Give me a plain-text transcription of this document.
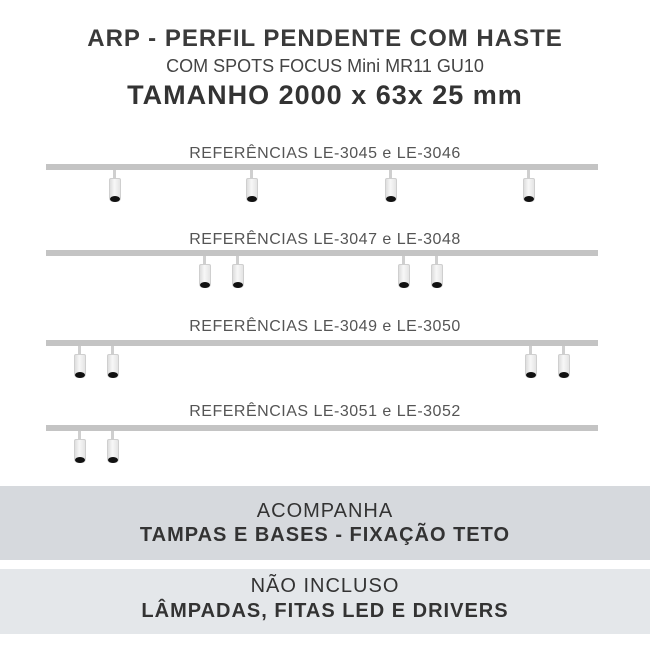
ARP - PERFIL PENDENTE COM HASTE
COM SPOTS FOCUS Mini MR11 GU10
TAMANHO 2000 x 63x 25 mm
REFERÊNCIAS LE-3045 e LE-3046
REFERÊNCIAS LE-3047 e LE-3048
REFERÊNCIAS LE-3049 e LE-3050
REFERÊNCIAS LE-3051 e LE-3052
ACOMPANHA
TAMPAS E BASES - FIXAÇÃO TETO
NÃO INCLUSO
LÂMPADAS, FITAS LED E DRIVERS
